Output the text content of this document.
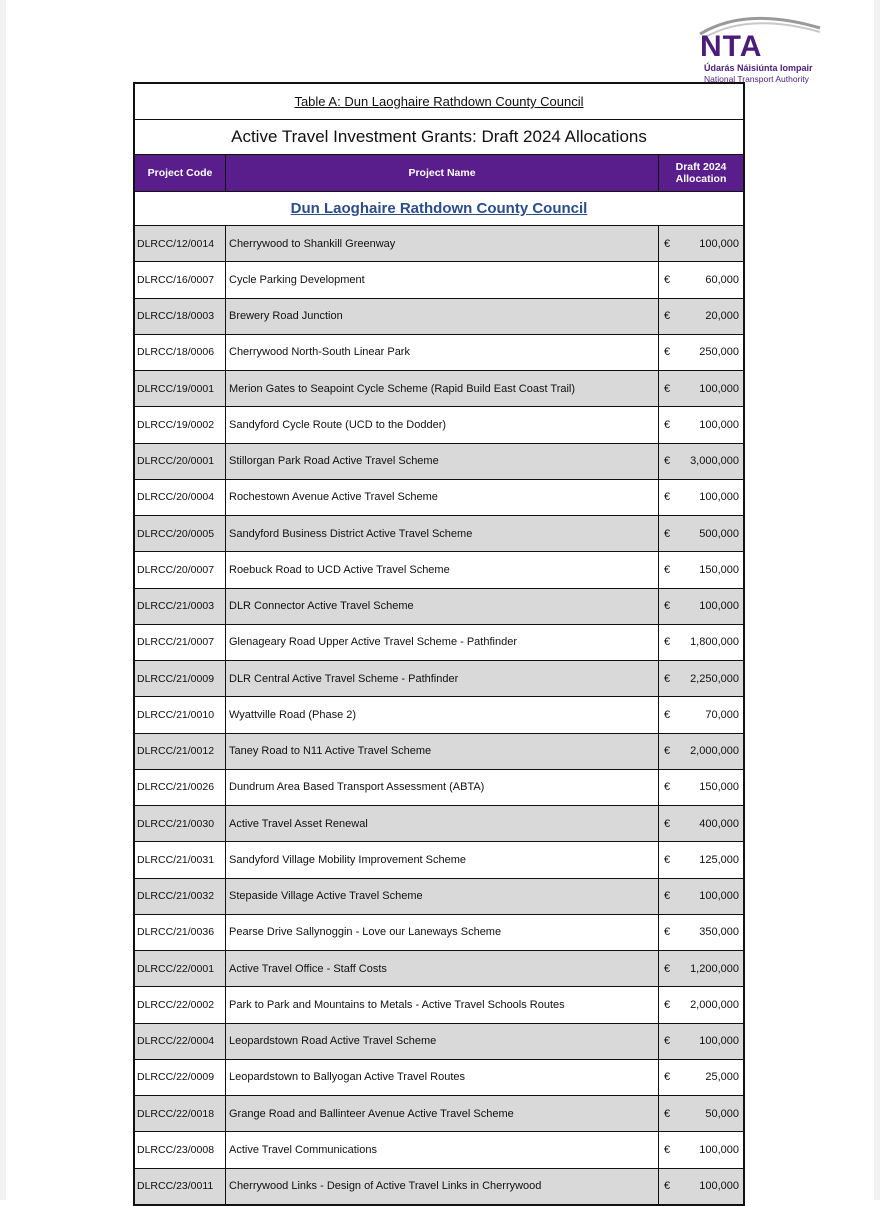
NTA
Údarás Náisiúnta Iompair
National Transport Authority
Table A: Dun Laoghaire Rathdown County Council
Active Travel Investment Grants: Draft 2024 Allocations
Project Code	Project Name	Draft 2024
Allocation
Dun Laoghaire Rathdown County Council
DLRCC/12/0014	Cherrywood to Shankill Greenway	€	100,000
DLRCC/16/0007	Cycle Parking Development	€	60,000
DLRCC/18/0003	Brewery Road Junction	€	20,000
DLRCC/18/0006	Cherrywood North-South Linear Park	€	250,000
DLRCC/19/0001	Merion Gates to Seapoint Cycle Scheme (Rapid Build East Coast Trail)	€	100,000
DLRCC/19/0002	Sandyford Cycle Route (UCD to the Dodder)	€	100,000
DLRCC/20/0001	Stillorgan Park Road Active Travel Scheme	€ 3,000,000
DLRCC/20/0004	Rochestown Avenue Active Travel Scheme	€	100,000
DLRCC/20/0005	Sandyford Business District Active Travel Scheme	€	500,000
DLRCC/20/0007	Roebuck Road to UCD Active Travel Scheme	€	150,000
DLRCC/21/0003	DLR Connector Active Travel Scheme	€	100,000
DLRCC/21/0007	Glenageary Road Upper Active Travel Scheme - Pathfinder	€ 1,800,000
DLRCC/21/0009	DLR Central Active Travel Scheme - Pathfinder	€ 2,250,000
DLRCC/21/0010	Wyattville Road (Phase 2)	€	70,000
DLRCC/21/0012	Taney Road to N11 Active Travel Scheme	€ 2,000,000
DLRCC/21/0026	Dundrum Area Based Transport Assessment (ABTA)	€	150,000
DLRCC/21/0030	Active Travel Asset Renewal	€	400,000
DLRCC/21/0031	Sandyford Village Mobility Improvement Scheme	€	125,000
DLRCC/21/0032	Stepaside Village Active Travel Scheme	€	100,000
DLRCC/21/0036	Pearse Drive Sallynoggin - Love our Laneways Scheme	€	350,000
DLRCC/22/0001	Active Travel Office - Staff Costs	€ 1,200,000
DLRCC/22/0002	Park to Park and Mountains to Metals - Active Travel Schools Routes	€ 2,000,000
DLRCC/22/0004	Leopardstown Road Active Travel Scheme	€	100,000
DLRCC/22/0009	Leopardstown to Ballyogan Active Travel Routes	€	25,000
DLRCC/22/0018	Grange Road and Ballinteer Avenue Active Travel Scheme	€	50,000
DLRCC/23/0008	Active Travel Communications	€	100,000
DLRCC/23/0011	Cherrywood Links - Design of Active Travel Links in Cherrywood	€	100,000
